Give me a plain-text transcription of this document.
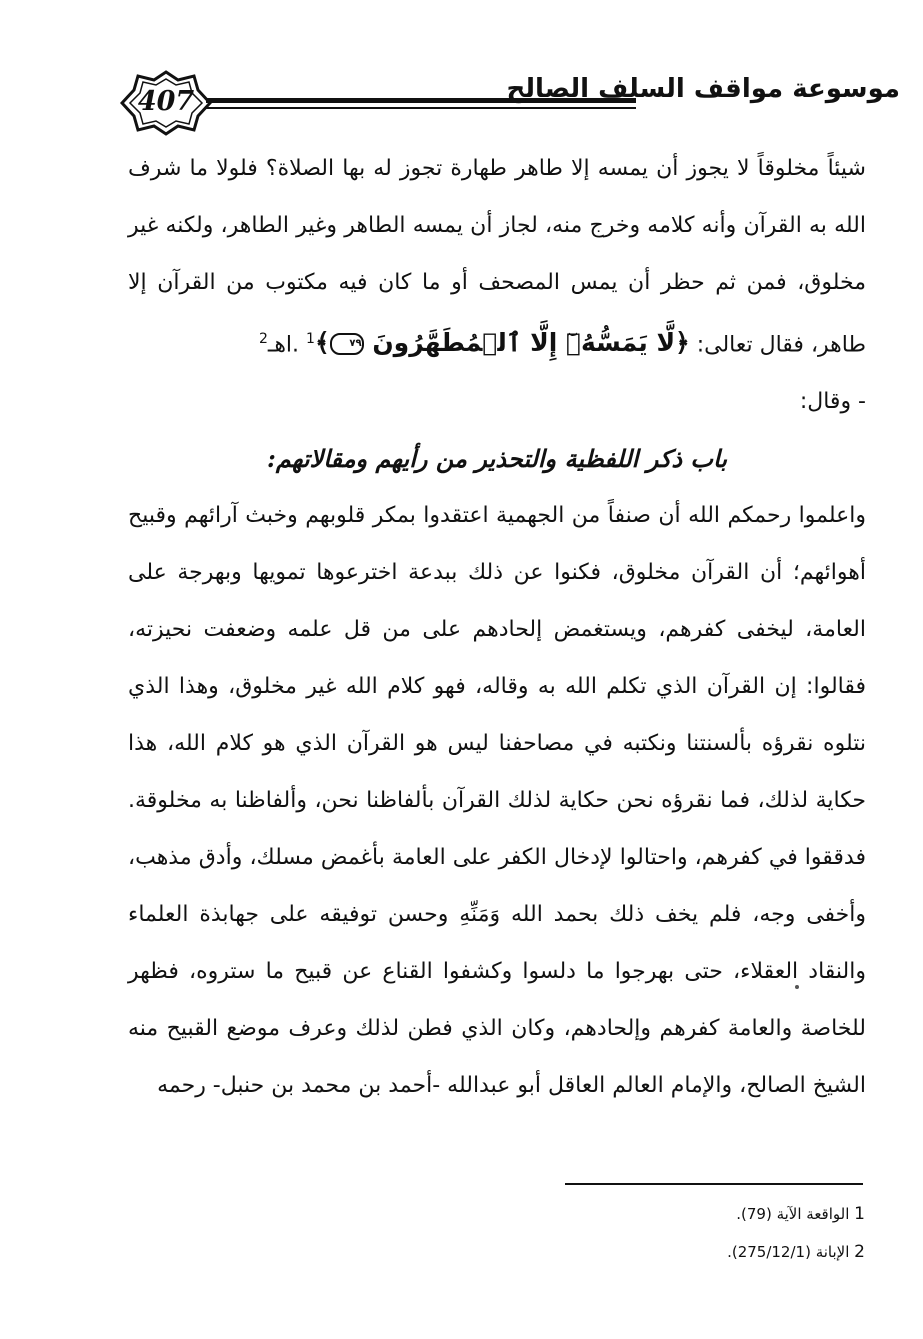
407	موسوعة مواقف السلف الصالح

شيئاً مخلوقاً لا يجوز أن يمسه إلا طاهر طهارة تجوز له بها الصلاة؟ فلولا ما شرف الله به القرآن وأنه كلامه وخرج منه، لجاز أن يمسه الطاهر وغير الطاهر، ولكنه غير مخلوق، فمن ثم حظر أن يمس المصحف أو ما كان فيه مكتوب من القرآن إلا طاهر، فقال تعالى: ﴿لَّا يَمَسُّهُۥٓ إِلَّا ٱلۡمُطَهَّرُونَ ٧٩﴾$^1$ .اهـ$^2$

- وقال:

باب ذكر اللفظية والتحذير من رأيهم ومقالاتهم:

واعلموا رحمكم الله أن صنفاً من الجهمية اعتقدوا بمكر قلوبهم وخبث آرائهم وقبيح أهوائهم؛ أن القرآن مخلوق، فكنوا عن ذلك ببدعة اخترعوها تمويها وبهرجة على العامة، ليخفى كفرهم، ويستغمض إلحادهم على من قل علمه وضعفت نحيزته، فقالوا: إن القرآن الذي تكلم الله به وقاله، فهو كلام الله غير مخلوق، وهذا الذي نتلوه نقرؤه بألسنتنا ونكتبه في مصاحفنا ليس هو القرآن الذي هو كلام الله، هذا حكاية لذلك، فما نقرؤه نحن حكاية لذلك القرآن بألفاظنا نحن، وألفاظنا به مخلوقة. فدققوا في كفرهم، واحتالوا لإدخال الكفر على العامة بأغمض مسلك، وأدق مذهب، وأخفى وجه، فلم يخف ذلك بحمد الله وَمَنِّهِ وحسن توفيقه على جهابذة العلماء والنقاد العقلاء، حتى بهرجوا ما دلسوا وكشفوا القناع عن قبيح ما ستروه، فظهر للخاصة والعامة كفرهم وإلحادهم، وكان الذي فطن لذلك وعرف موضع القبيح منه الشيخ الصالح، والإمام العالم العاقل أبو عبدالله -أحمد بن محمد بن حنبل- رحمه

1 الواقعة الآية (79).

2 الإبانة (275/12/1).
